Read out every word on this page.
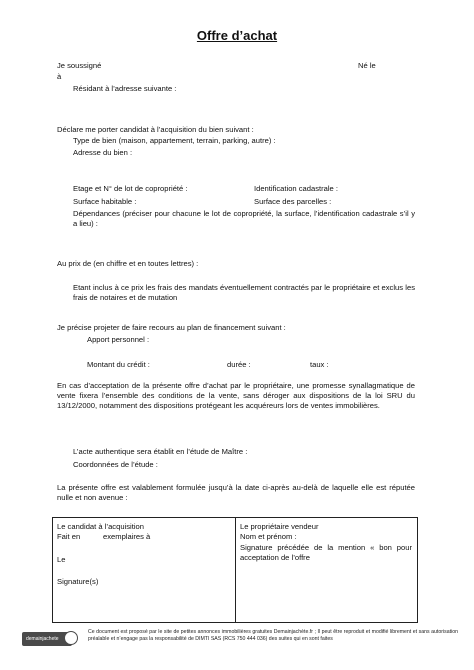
Offre d’achat
Je soussigné	Né le
à
Résidant à l’adresse suivante :
Déclare me porter candidat à l’acquisition du bien suivant :
Type de bien (maison, appartement, terrain, parking, autre) :
Adresse du bien :
Etage et N° de lot de copropriété :	Identification cadastrale :
Surface habitable :	Surface des parcelles :
Dépendances (préciser pour chacune le lot de copropriété, la surface, l’identification cadastrale s’il y a lieu) :
Au prix de (en chiffre et en toutes lettres) :
Etant inclus à ce prix les frais des mandats éventuellement contractés par le propriétaire et exclus les frais de notaires et de mutation
Je précise projeter de faire recours au plan de financement suivant :
Apport personnel :
Montant du crédit :	durée :	taux :
En cas d’acceptation de la présente offre d’achat par le propriétaire, une promesse synallagmatique de vente fixera l’ensemble des conditions de la vente, sans déroger aux dispositions de la loi SRU du 13/12/2000, notamment des dispositions protégeant les acquéreurs lors de ventes immobilières.
L’acte authentique sera établit en l’étude de Maître :
Coordonnées de l’étude :
La présente offre est valablement formulée jusqu’à la date ci-après au-delà de laquelle elle est réputée nulle et non avenue :
Le candidat à l’acquisition
Fait en	exemplaires à
Le
Signature(s)
Le propriétaire vendeur
Nom et prénom :
Signature précédée de la mention « bon pour acceptation de l’offre
demainjachete
Ce document est proposé par le site de petites annonces immobilières gratuites Demainjachète.fr ; Il peut être reproduit et modifié librement et sans autorisation préalable et n’engage pas la responsabilité de DIMTI SAS (RCS 750 444 036) des suites qui en sont faites
